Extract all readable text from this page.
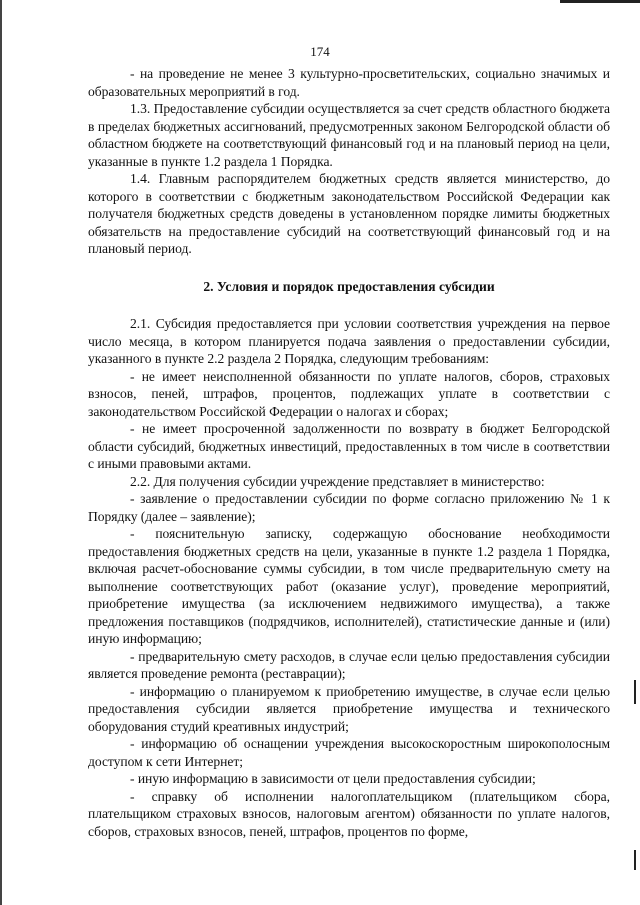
174

- на проведение не менее 3 культурно-просветительских, социально значимых и образовательных мероприятий в год.

1.3. Предоставление субсидии осуществляется за счет средств областного бюджета в пределах бюджетных ассигнований, предусмотренных законом Белгородской области об областном бюджете на соответствующий финансовый год и на плановый период на цели, указанные в пункте 1.2 раздела 1 Порядка.

1.4. Главным распорядителем бюджетных средств является министерство, до которого в соответствии с бюджетным законодательством Российской Федерации как получателя бюджетных средств доведены в установленном порядке лимиты бюджетных обязательств на предоставление субсидий на соответствующий финансовый год и на плановый период.

2. Условия и порядок предоставления субсидии

2.1. Субсидия предоставляется при условии соответствия учреждения на первое число месяца, в котором планируется подача заявления о предоставлении субсидии, указанного в пункте 2.2 раздела 2 Порядка, следующим требованиям:

- не имеет неисполненной обязанности по уплате налогов, сборов, страховых взносов, пеней, штрафов, процентов, подлежащих уплате в соответствии с законодательством Российской Федерации о налогах и сборах;

- не имеет просроченной задолженности по возврату в бюджет Белгородской области субсидий, бюджетных инвестиций, предоставленных в том числе в соответствии с иными правовыми актами.

2.2. Для получения субсидии учреждение представляет в министерство:

- заявление о предоставлении субсидии по форме согласно приложению № 1 к Порядку (далее – заявление);

- пояснительную записку, содержащую обоснование необходимости предоставления бюджетных средств на цели, указанные в пункте 1.2 раздела 1 Порядка, включая расчет-обоснование суммы субсидии, в том числе предварительную смету на выполнение соответствующих работ (оказание услуг), проведение мероприятий, приобретение имущества (за исключением недвижимого имущества), а также предложения поставщиков (подрядчиков, исполнителей), статистические данные и (или) иную информацию;

- предварительную смету расходов, в случае если целью предоставления субсидии является проведение ремонта (реставрации);

- информацию о планируемом к приобретению имуществе, в случае если целью предоставления субсидии является приобретение имущества и технического оборудования студий креативных индустрий;

- информацию об оснащении учреждения высокоскоростным широкополосным доступом к сети Интернет;

- иную информацию в зависимости от цели предоставления субсидии;

- справку об исполнении налогоплательщиком (плательщиком сбора, плательщиком страховых взносов, налоговым агентом) обязанности по уплате налогов, сборов, страховых взносов, пеней, штрафов, процентов по форме,
